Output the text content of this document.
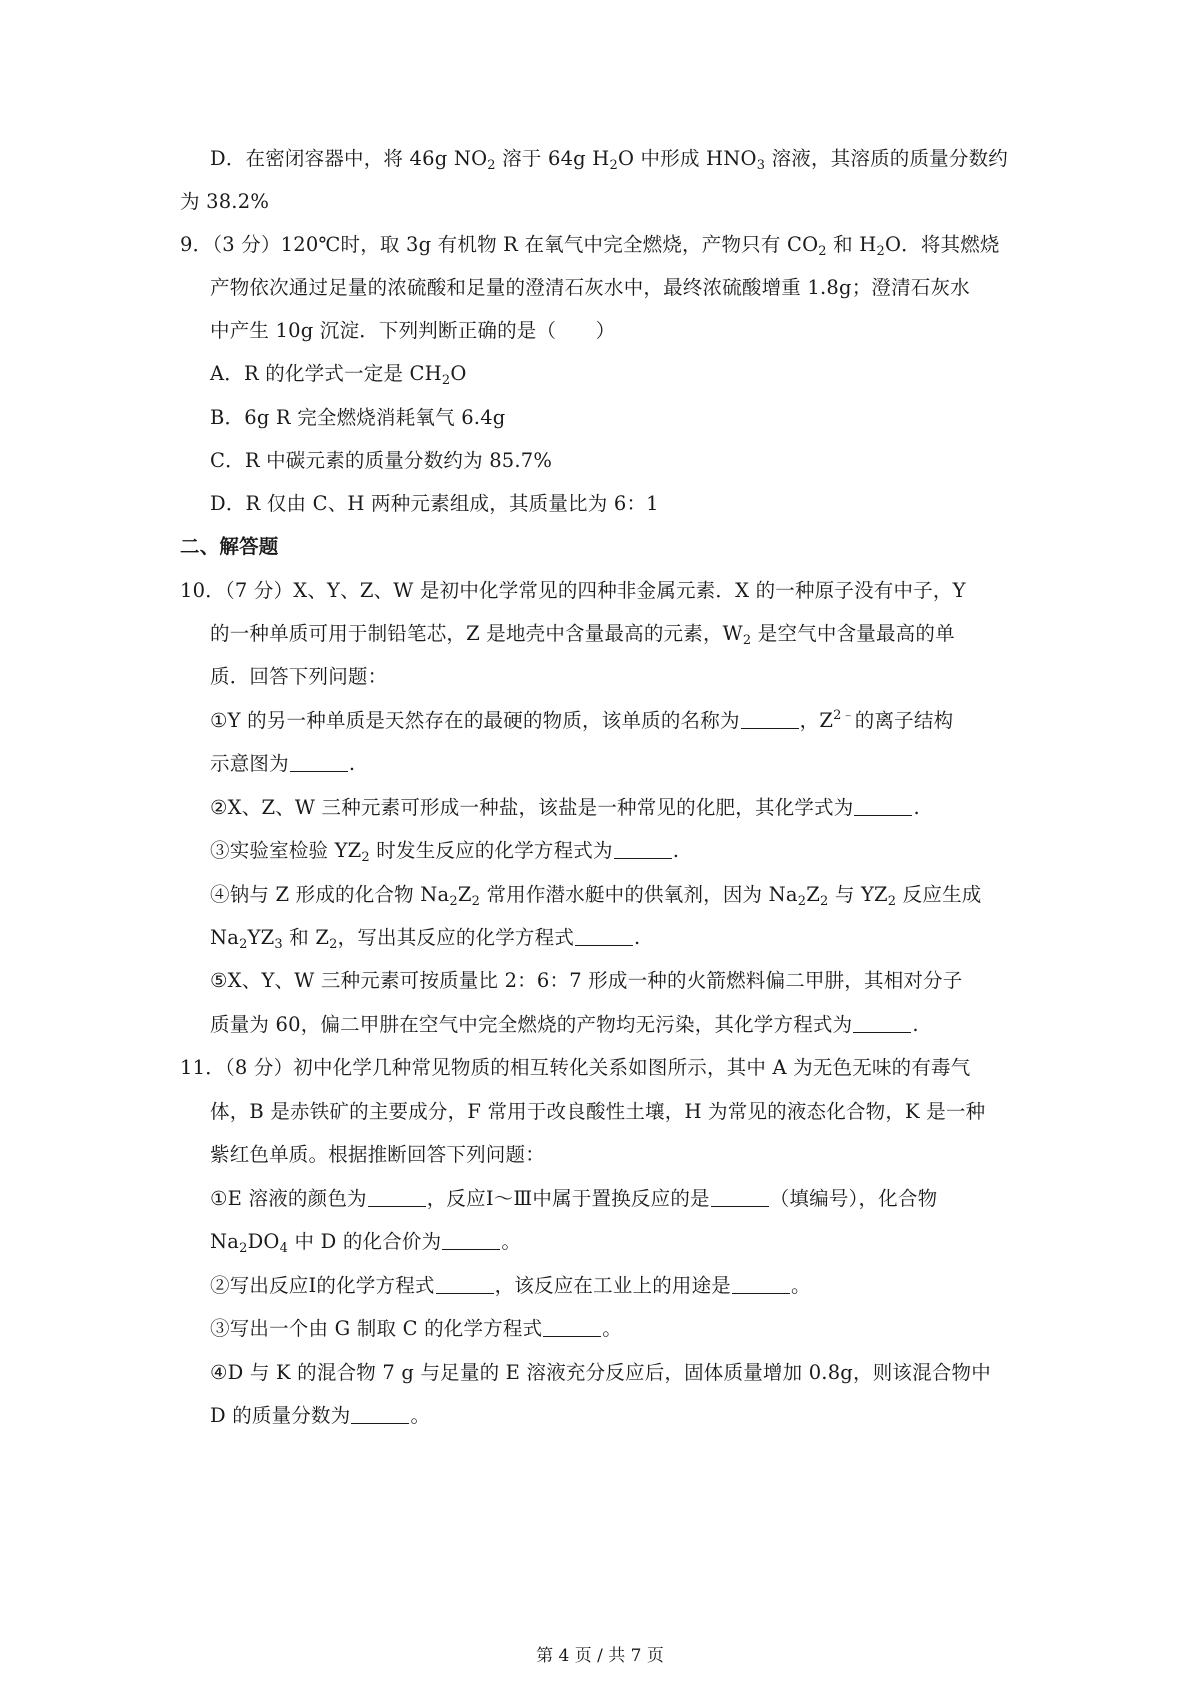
D．在密闭容器中，将 46g $NO_2$ 溶于 64g $H_2O$ 中形成 $HNO_3$ 溶液，其溶质的质量分数约
为 38.2%
9．（3 分）120℃时，取 3g 有机物 R 在氧气中完全燃烧，产物只有 $CO_2$ 和 $H_2O$．将其燃烧
产物依次通过足量的浓硫酸和足量的澄清石灰水中，最终浓硫酸增重 1.8g；澄清石灰水
中产生 10g 沉淀．下列判断正确的是（　　）
A．R 的化学式一定是 $CH_2O$
B．6g R 完全燃烧消耗氧气 6.4g
C．R 中碳元素的质量分数约为 85.7%
D．R 仅由 C、H 两种元素组成，其质量比为 6：1
二、解答题
10．（7 分）X、Y、Z、W 是初中化学常见的四种非金属元素．X 的一种原子没有中子，Y
的一种单质可用于制铅笔芯，Z 是地壳中含量最高的元素，$W_2$ 是空气中含量最高的单
质．回答下列问题：
①Y 的另一种单质是天然存在的最硬的物质，该单质的名称为	，$Z^{2﹣}$的离子结构
示意图为	.
②X、Z、W 三种元素可形成一种盐，该盐是一种常见的化肥，其化学式为	.
③实验室检验 $YZ_2$ 时发生反应的化学方程式为	.
④钠与 Z 形成的化合物 $Na_2Z_2$ 常用作潜水艇中的供氧剂，因为 $Na_2Z_2$ 与 $YZ_2$ 反应生成
$Na_2YZ_3$ 和 $Z_2$，写出其反应的化学方程式	.
⑤X、Y、W 三种元素可按质量比 2：6：7 形成一种的火箭燃料偏二甲肼，其相对分子
质量为 60，偏二甲肼在空气中完全燃烧的产物均无污染，其化学方程式为	.
11．（8 分）初中化学几种常见物质的相互转化关系如图所示，其中 A 为无色无味的有毒气
体，B 是赤铁矿的主要成分，F 常用于改良酸性土壤，H 为常见的液态化合物，K 是一种
紫红色单质。根据推断回答下列问题：
①E 溶液的颜色为	，反应Ⅰ～Ⅲ中属于置换反应的是	（填编号），化合物
$Na_2DO_4$ 中 D 的化合价为	。
②写出反应Ⅰ的化学方程式	，该反应在工业上的用途是	。
③写出一个由 G 制取 C 的化学方程式	。
④D 与 K 的混合物 7 g 与足量的 E 溶液充分反应后，固体质量增加 0.8g，则该混合物中
D 的质量分数为	。
第 4 页 / 共 7 页
